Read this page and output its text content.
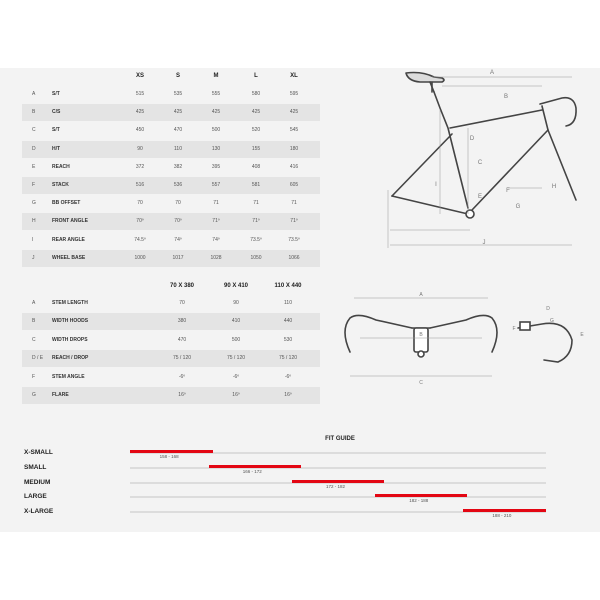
XS	S	M	L	XL
A	S/T	515	535	555	580	595
B	C/S	425	425	425	425	425
C	S/T	450	470	500	520	545
D	H/T	90	110	130	155	180
E	REACH	372	382	395	408	416
F	STACK	516	536	557	581	605
G	BB OFFSET	70	70	71	71	71
H	FRONT ANGLE	70º	70º	71º	71º	71º
I	REAR ANGLE	74.5º	74º	74º	73.5º	73.5º
J	WHEEL BASE	1000	1017	1028	1050	1066
70 X 380	90 X 410	110 X 440
A	STEM LENGTH	70	90	110
B	WIDTH HOODS	380	410	440
C	WIDTH DROPS	470	500	530
D / E	REACH / DROP	75 / 120	75 / 120	75 / 120
F	STEM ANGLE	-6º	-6º	-6º
G	FLARE	16º	16º	16º
A
B
C
D
E
F
G
H
I
J
A
B
C
D
E
F
G
FIT GUIDE
X-SMALL
158 - 168
SMALL
166 - 172
MEDIUM
172 - 182
LARGE
182 - 188
X-LARGE
188 - 210
